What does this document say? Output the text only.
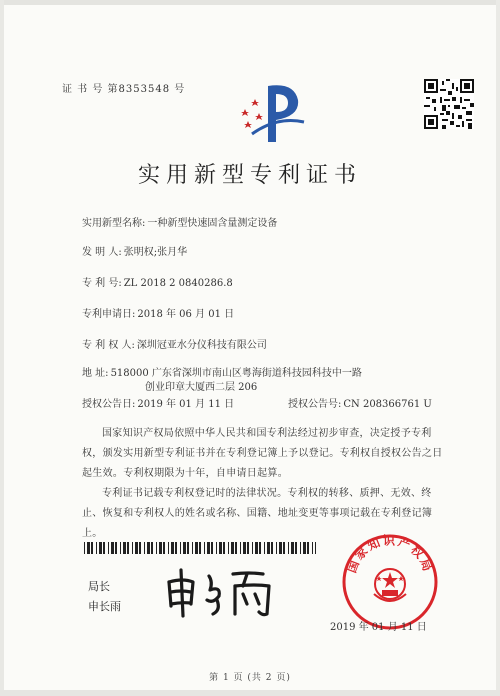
证 书 号 第8353548 号
实用新型专利证书
实用新型名称: 一种新型快速固含量测定设备
发 明 人: 张明权;张月华
专 利 号: ZL 2018 2 0840286.8
专利申请日: 2018 年 06 月 01 日
专 利 权 人: 深圳冠亚水分仪科技有限公司
地 址: 518000 广东省深圳市南山区粤海街道科技园科技中一路
创业印章大厦西二层 206
授权公告日: 2019 年 01 月 11 日	授权公告号: CN 208366761 U
国家知识产权局依照中华人民共和国专利法经过初步审查，决定授予专利权，颁发实用新型专利证书并在专利登记簿上予以登记。专利权自授权公告之日起生效。专利权期限为十年，自申请日起算。
专利证书记载专利权登记时的法律状况。专利权的转移、质押、无效、终止、恢复和专利权人的姓名或名称、国籍、地址变更等事项记载在专利登记簿上。
局长
申长雨
国家知识产权局
2019 年 01 月 11 日
第 1 页 (共 2 页)
